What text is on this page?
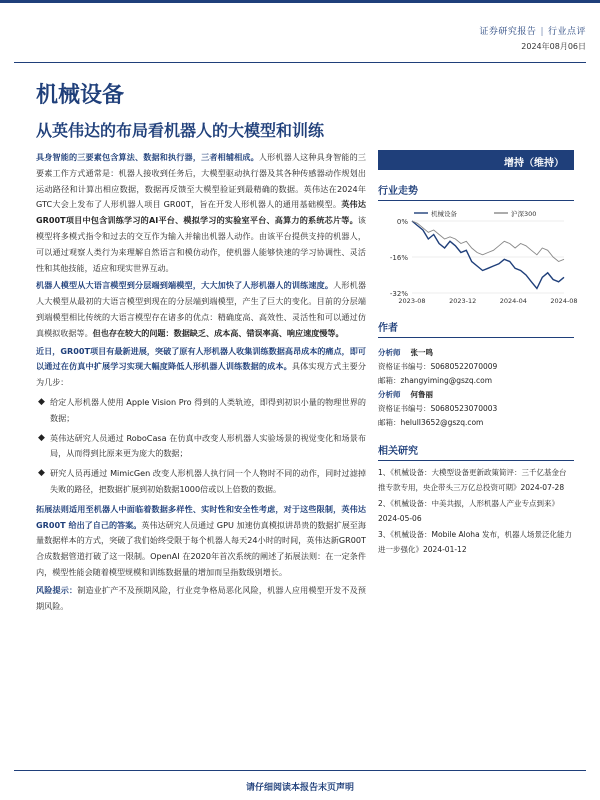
证券研究报告 | 行业点评
2024年08月06日
机械设备
从英伟达的布局看机器人的大模型和训练

具身智能的三要素包含算法、数据和执行器，三者相辅相成。人形机器人这种具身智能的三要素工作方式通常是：机器人接收到任务后，大模型驱动执行器及其各种传感器动作规划出运动路径和计算出相应数据，数据再反馈至大模型验证到最精确的数据。英伟达在2024年GTC大会上发布了人形机器人项目 GR00T，旨在开发人形机器人的通用基础模型。英伟达GR00T项目中包含训练学习的AI平台、模拟学习的实验室平台、高算力的系统芯片等。该模型将多模式指令和过去的交互作为输入并输出机器人动作。由该平台提供支持的机器人，可以通过观察人类行为来理解自然语言和模仿动作，使机器人能够快速的学习协调性、灵活性和其他技能，适应和现实世界互动。

机器人模型从大语言模型到分层端到端模型，大大加快了人形机器人的训练速度。人形机器人大模型从最初的大语言模型到现在的分层端到端模型，产生了巨大的变化。目前的分层端到端模型相比传统的大语言模型存在诸多的优点：精确度高、高效性、灵活性和可以通过仿真模拟收据等。但也存在较大的问题：数据缺乏、成本高、错误率高、响应速度慢等。

近日，GR00T项目有最新进展，突破了原有人形机器人收集训练数据高昂成本的痛点，即可以通过在仿真中扩展学习实现大幅度降低人形机器人训练数据的成本。具体实现方式主要分为几步：

◆ 给定人形机器人使用 Apple Vision Pro 得到的人类轨迹，即得到初识小量的物理世界的数据；
◆ 英伟达研究人员通过 RoboCasa 在仿真中改变人形机器人实验场景的视觉变化和场景布局，从而得到比原来更为庞大的数据；
◆ 研究人员再通过 MimicGen 改变人形机器人执行同一个人物时不同的动作，同时过滤掉失败的路径，把数据扩展到初始数据1000倍或以上倍数的数据。

拓展法则适用至机器人中面临着数据多样性、实时性和安全性考虑，对于这些限制，英伟达 GR00T 给出了自己的答案。英伟达研究人员通过 GPU 加速仿真模拟讲昂贵的数据扩展至海量数据样本的方式，突破了我们始终受限于每个机器人每天24小时的时间，英伟达新GR00T合成数据管道打破了这一限制。OpenAI 在2020年首次系统的阐述了拓展法则：在一定条件内，模型性能会随着模型规模和训练数据量的增加而呈指数级别增长。

风险提示：制造业扩产不及预期风险，行业竞争格局恶化风险，机器人应用模型开发不及预期风险。

增持（维持）
行业走势
0%
-16%
-32%
2023-08	2023-12	2024-04	2024-08
机械设备	沪深300
作者
分析师 张一鸣
资格证书编号：S0680522070009
邮箱：zhangyiming@gszq.com
分析师 何鲁丽
资格证书编号：S0680523070003
邮箱：helulI3652@gszq.com
相关研究
1、《机械设备：大模型设备更新政策简评：三千亿基金台推专款专用，央企带头三万亿总投资可期》2024-07-28
2、《机械设备：中美共振，人形机器人产业专点到来》2024-05-06
3、《机械设备：Mobile Aloha 发布，机器人场景泛化能力进一步强化》2024-01-12
请仔细阅读本报告末页声明
